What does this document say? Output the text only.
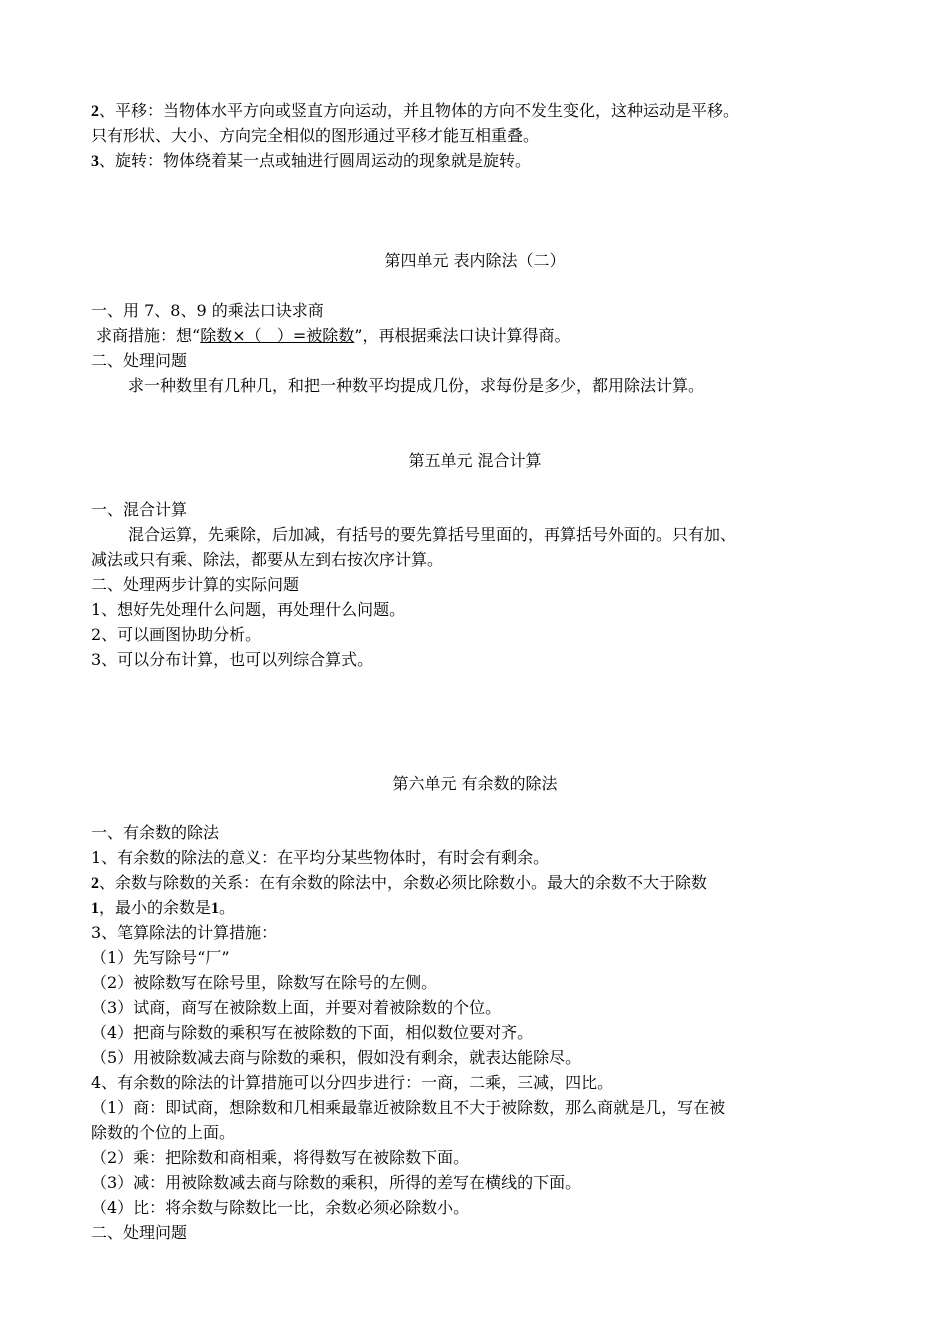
2、平移：当物体水平方向或竖直方向运动，并且物体的方向不发生变化，这种运动是平移。
只有形状、大小、方向完全相似的图形通过平移才能互相重叠。
3、旋转：物体绕着某一点或轴进行圆周运动的现象就是旋转。
第四单元 表内除法（二）
一、用 7、8、9 的乘法口诀求商
求商措施：想“除数×（   ）=被除数”，再根据乘法口诀计算得商。
二、处理问题
求一种数里有几种几，和把一种数平均提成几份，求每份是多少，都用除法计算。
第五单元 混合计算
一、混合计算
混合运算，先乘除，后加减，有括号的要先算括号里面的，再算括号外面的。只有加、
减法或只有乘、除法，都要从左到右按次序计算。
二、处理两步计算的实际问题
1、想好先处理什么问题，再处理什么问题。
2、可以画图协助分析。
3、可以分布计算，也可以列综合算式。
第六单元 有余数的除法
一、有余数的除法
1、有余数的除法的意义：在平均分某些物体时，有时会有剩余。
2、余数与除数的关系：在有余数的除法中，余数必须比除数小。最大的余数不大于除数
1，最小的余数是1。
3、笔算除法的计算措施：
（1）先写除号“厂”
（2）被除数写在除号里，除数写在除号的左侧。
（3）试商，商写在被除数上面，并要对着被除数的个位。
（4）把商与除数的乘积写在被除数的下面，相似数位要对齐。
（5）用被除数减去商与除数的乘积，假如没有剩余，就表达能除尽。
4、有余数的除法的计算措施可以分四步进行：一商，二乘，三减，四比。
（1）商：即试商，想除数和几相乘最靠近被除数且不大于被除数，那么商就是几，写在被
除数的个位的上面。
（2）乘：把除数和商相乘，将得数写在被除数下面。
（3）减：用被除数减去商与除数的乘积，所得的差写在横线的下面。
（4）比：将余数与除数比一比，余数必须必除数小。
二、处理问题
